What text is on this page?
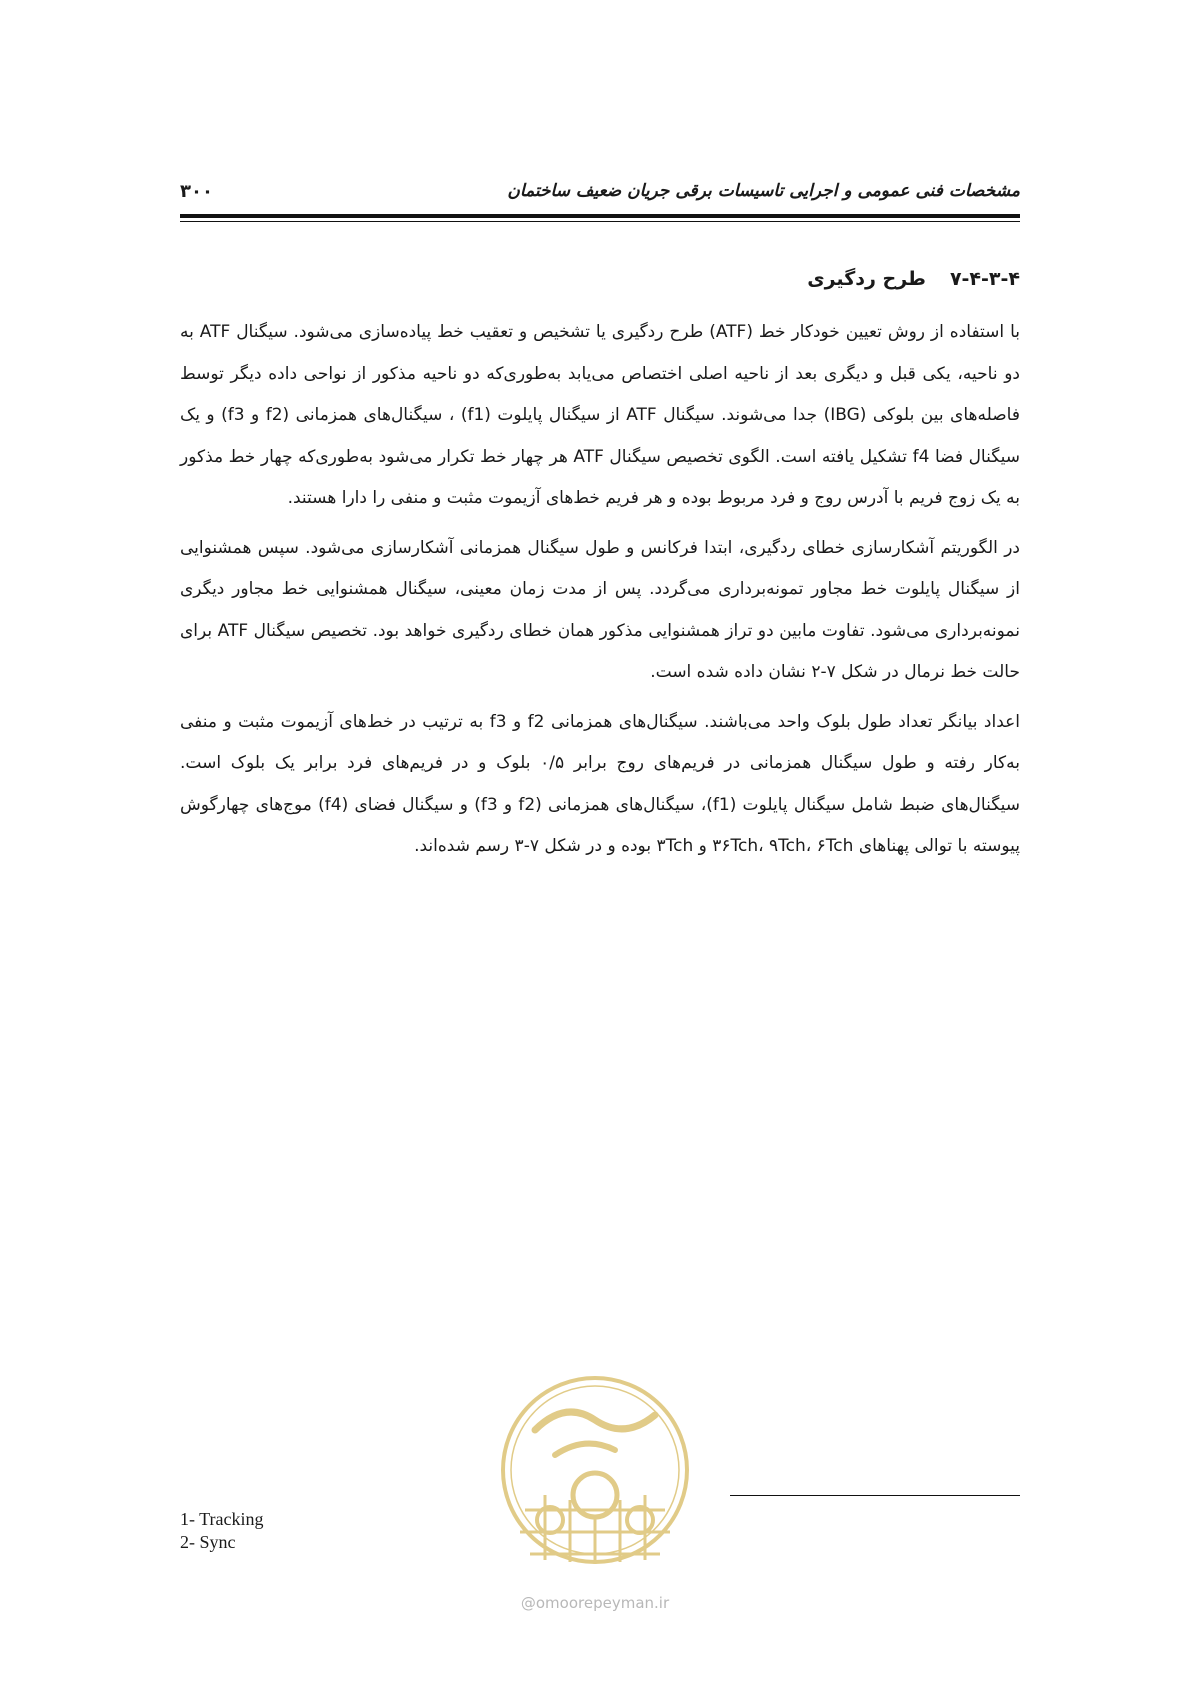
۳۰۰	مشخصات فنی عمومی و اجرایی تاسیسات برقی جریان ضعیف ساختمان
۷-۴-۳-۴طرح ردگیری

با استفاده از روش تعیین خودکار خط (ATF) طرح ردگیری یا تشخیص و تعقیب خط پیاده‌سازی می‌شود. سیگنال ATF به دو ناحیه، یکی قبل و دیگری بعد از ناحیه اصلی اختصاص می‌یابد به‌طوری‌که دو ناحیه مذکور از نواحی داده دیگر توسط فاصله‌های بین بلوکی (IBG) جدا می‌شوند. سیگنال ATF از سیگنال پایلوت (f1) ، سیگنال‌های همزمانی (f2 و f3) و یک سیگنال فضا f4 تشکیل یافته است. الگوی تخصیص سیگنال ATF هر چهار خط تکرار می‌شود به‌طوری‌که چهار خط مذکور به یک زوج فریم با آدرس روج و فرد مربوط بوده و هر فریم خط‌های آزیموت مثبت و منفی را دارا هستند.

در الگوریتم آشکارسازی خطای ردگیری، ابتدا فرکانس و طول سیگنال همزمانی آشکارسازی می‌شود. سپس همشنوایی از سیگنال پایلوت خط مجاور تمونه‌برداری می‌گردد. پس از مدت زمان معینی، سیگنال همشنوایی خط مجاور دیگری نمونه‌برداری می‌شود. تفاوت مابین دو تراز همشنوایی مذکور همان خطای ردگیری خواهد بود. تخصیص سیگنال ATF برای حالت خط نرمال در شکل ۷-۲ نشان داده شده است.

اعداد بیانگر تعداد طول بلوک واحد می‌باشند. سیگنال‌های همزمانی f2 و f3 به ترتیب در خط‌های آزیموت مثبت و منفی به‌کار رفته و طول سیگنال همزمانی در فریم‌های روج برابر ۰/۵ بلوک و در فریم‌های فرد برابر یک بلوک است. سیگنال‌های ضبط شامل سیگنال پایلوت (f1)، سیگنال‌های همزمانی (f2 و f3) و سیگنال فضای (f4) موج‌های چهارگوش پیوسته با توالی پهناهای ۳۶Tch، ۹Tch، ۶Tch و ۳Tch بوده و در شکل ۷-۳ رسم شده‌اند.

@omoorepeyman.ir
1- Tracking
2- Sync
